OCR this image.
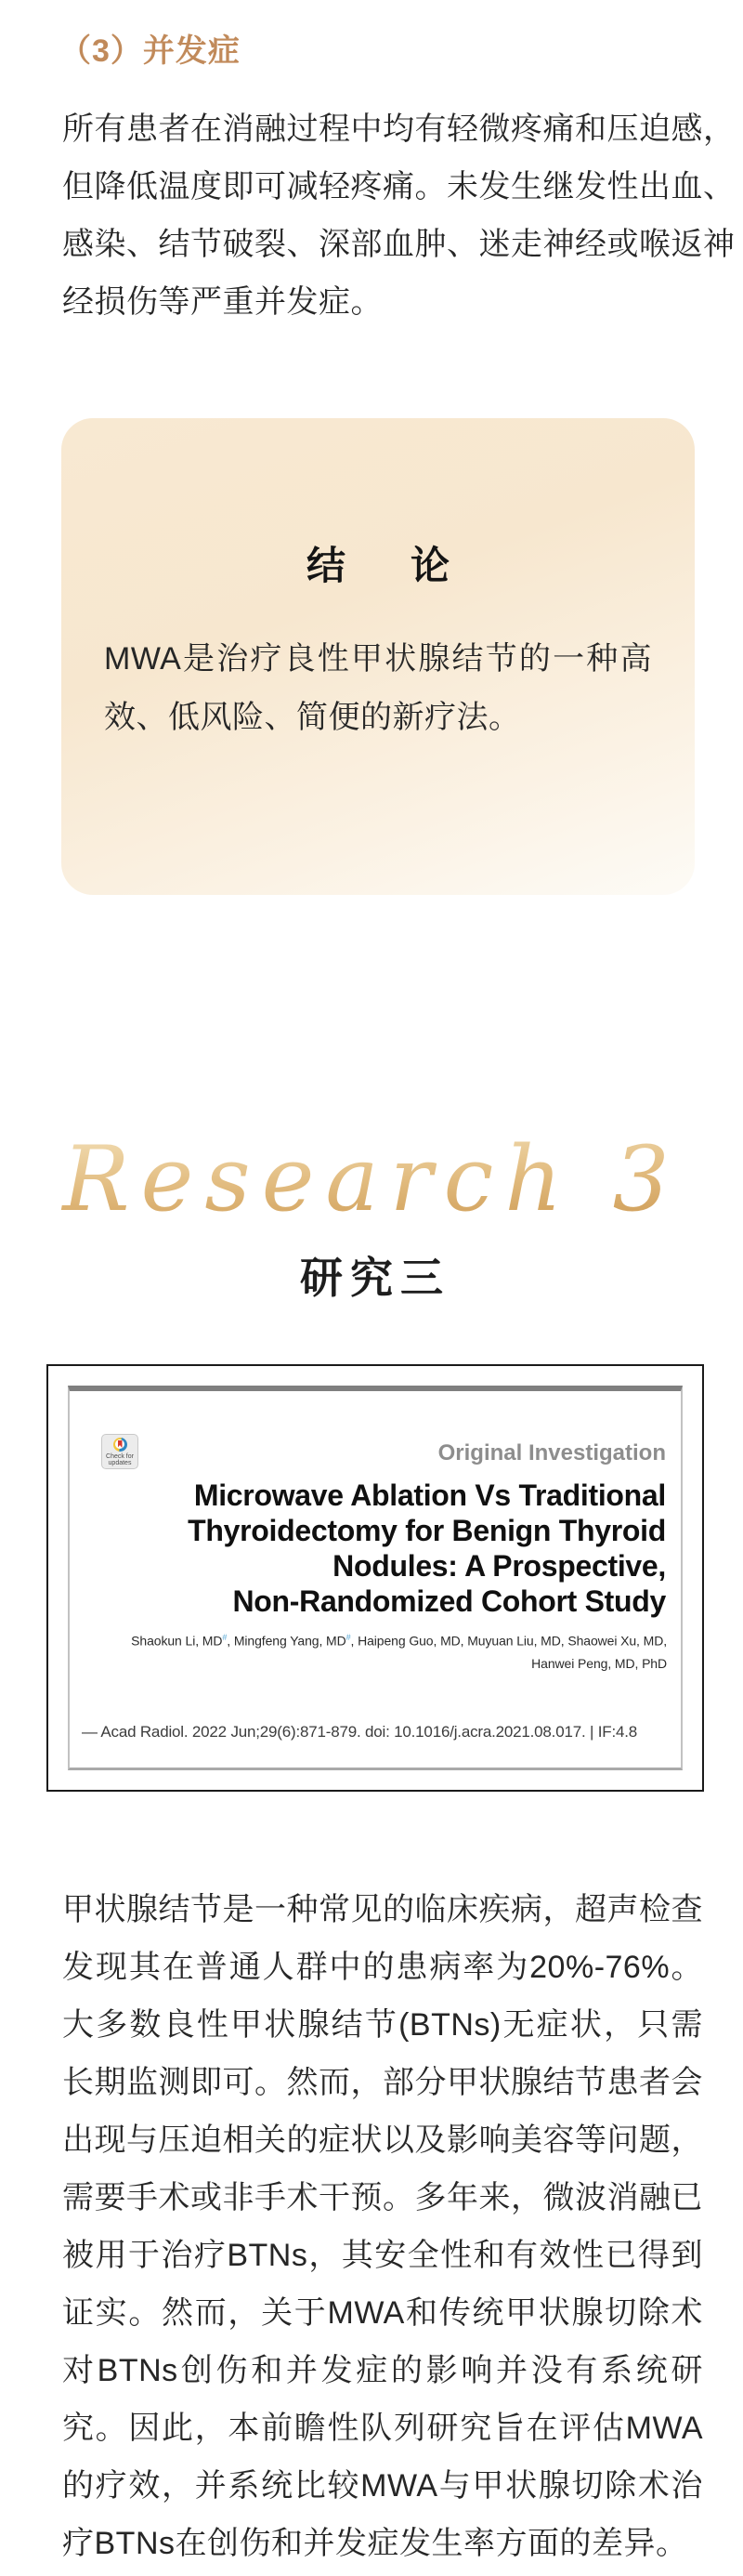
（3）并发症
所有患者在消融过程中均有轻微疼痛和压迫感，
但降低温度即可减轻疼痛。未发生继发性出血、
感染、结节破裂、深部血肿、迷走神经或喉返神
经损伤等严重并发症。
结　论
MWA是治疗良性甲状腺结节的一种高
效、低风险、简便的新疗法。
Research 3
研究三
Check for
updates	Original Investigation
Microwave Ablation Vs Traditional
Thyroidectomy for Benign Thyroid
Nodules: A Prospective,
Non-Randomized Cohort Study
Shaokun Li, MD#, Mingfeng Yang, MD#, Haipeng Guo, MD, Muyuan Liu, MD, Shaowei Xu, MD,
Hanwei Peng, MD, PhD
— Acad Radiol. 2022 Jun;29(6):871-879. doi: 10.1016/j.acra.2021.08.017. | IF:4.8
甲状腺结节是一种常见的临床疾病，超声检查
发现其在普通人群中的患病率为20%-76%。
大多数良性甲状腺结节(BTNs)无症状，只需
长期监测即可。然而，部分甲状腺结节患者会
出现与压迫相关的症状以及影响美容等问题，
需要手术或非手术干预。多年来，微波消融已
被用于治疗BTNs，其安全性和有效性已得到
证实。然而，关于MWA和传统甲状腺切除术
对BTNs创伤和并发症的影响并没有系统研
究。因此，本前瞻性队列研究旨在评估MWA
的疗效，并系统比较MWA与甲状腺切除术治
疗BTNs在创伤和并发症发生率方面的差异。
